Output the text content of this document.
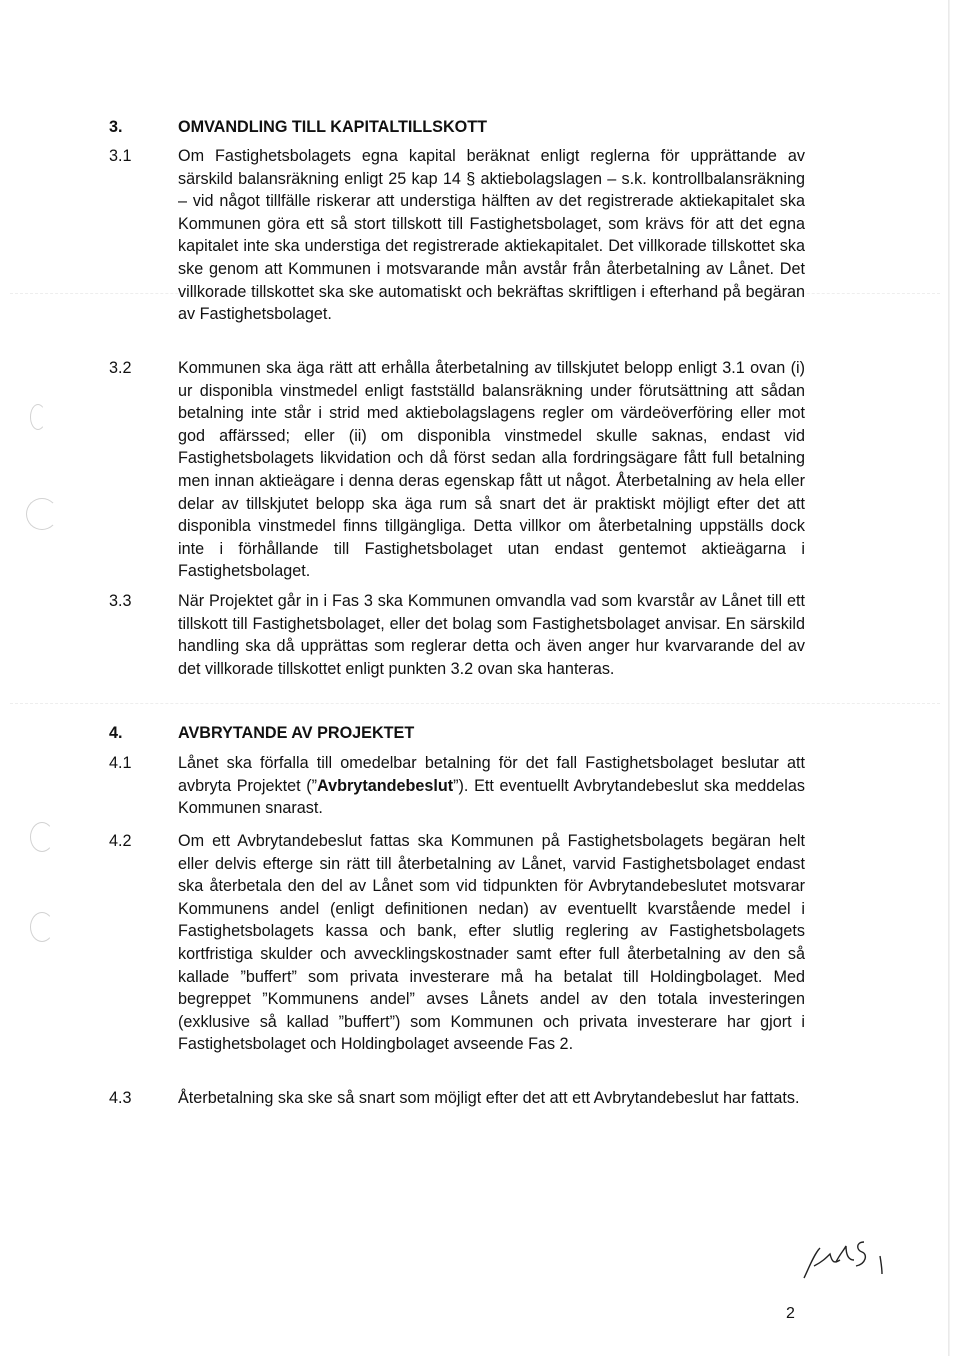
3.	OMVANDLING TILL KAPITALTILLSKOTT
3.1	Om Fastighetsbolagets egna kapital beräknat enligt reglerna för upprättande av särskild balansräkning enligt 25 kap 14 § aktiebolagslagen – s.k. kontrollbalansräkning – vid något tillfälle riskerar att understiga hälften av det registrerade aktiekapitalet ska Kommunen göra ett så stort tillskott till Fastighetsbolaget, som krävs för att det egna kapitalet inte ska understiga det registrerade aktiekapitalet. Det villkorade tillskottet ska ske genom att Kommunen i motsvarande mån avstår från återbetalning av Lånet. Det villkorade tillskottet ska ske automatiskt och bekräftas skriftligen i efterhand på begäran av Fastighetsbolaget.
3.2	Kommunen ska äga rätt att erhålla återbetalning av tillskjutet belopp enligt 3.1 ovan (i) ur disponibla vinstmedel enligt fastställd balansräkning under förutsättning att sådan betalning inte står i strid med aktiebolagslagens regler om värdeöverföring eller mot god affärssed; eller (ii) om disponibla vinstmedel skulle saknas, endast vid Fastighetsbolagets likvidation och då först sedan alla fordringsägare fått full betalning men innan aktieägare i denna deras egenskap fått ut något. Återbetalning av hela eller delar av tillskjutet belopp ska äga rum så snart det är praktiskt möjligt efter det att disponibla vinstmedel finns tillgängliga. Detta villkor om återbetalning uppställs dock inte i förhållande till Fastighetsbolaget utan endast gentemot aktieägarna i Fastighetsbolaget.
3.3	När Projektet går in i Fas 3 ska Kommunen omvandla vad som kvarstår av Lånet till ett tillskott till Fastighetsbolaget, eller det bolag som Fastighetsbolaget anvisar. En särskild handling ska då upprättas som reglerar detta och även anger hur kvarvarande del av det villkorade tillskottet enligt punkten 3.2 ovan ska hanteras.
4.	AVBRYTANDE AV PROJEKTET
4.1	Lånet ska förfalla till omedelbar betalning för det fall Fastighetsbolaget beslutar att avbryta Projektet (”Avbrytandebeslut”). Ett eventuellt Avbrytandebeslut ska meddelas Kommunen snarast.
4.2	Om ett Avbrytandebeslut fattas ska Kommunen på Fastighetsbolagets begäran helt eller delvis efterge sin rätt till återbetalning av Lånet, varvid Fastighetsbolaget endast ska återbetala den del av Lånet som vid tidpunkten för Avbrytandebeslutet motsvarar Kommunens andel (enligt definitionen nedan) av eventuellt kvarstående medel i Fastighetsbolagets kassa och bank, efter slutlig reglering av Fastighetsbolagets kortfristiga skulder och avvecklingskostnader samt efter full återbetalning av den så kallade ”buffert” som privata investerare må ha betalat till Holdingbolaget. Med begreppet ”Kommunens andel” avses Lånets andel av den totala investeringen (exklusive så kallad ”buffert”) som Kommunen och privata investerare har gjort i Fastighetsbolaget och Holdingbolaget avseende Fas 2.
4.3	Återbetalning ska ske så snart som möjligt efter det att ett Avbrytandebeslut har fattats.
2
